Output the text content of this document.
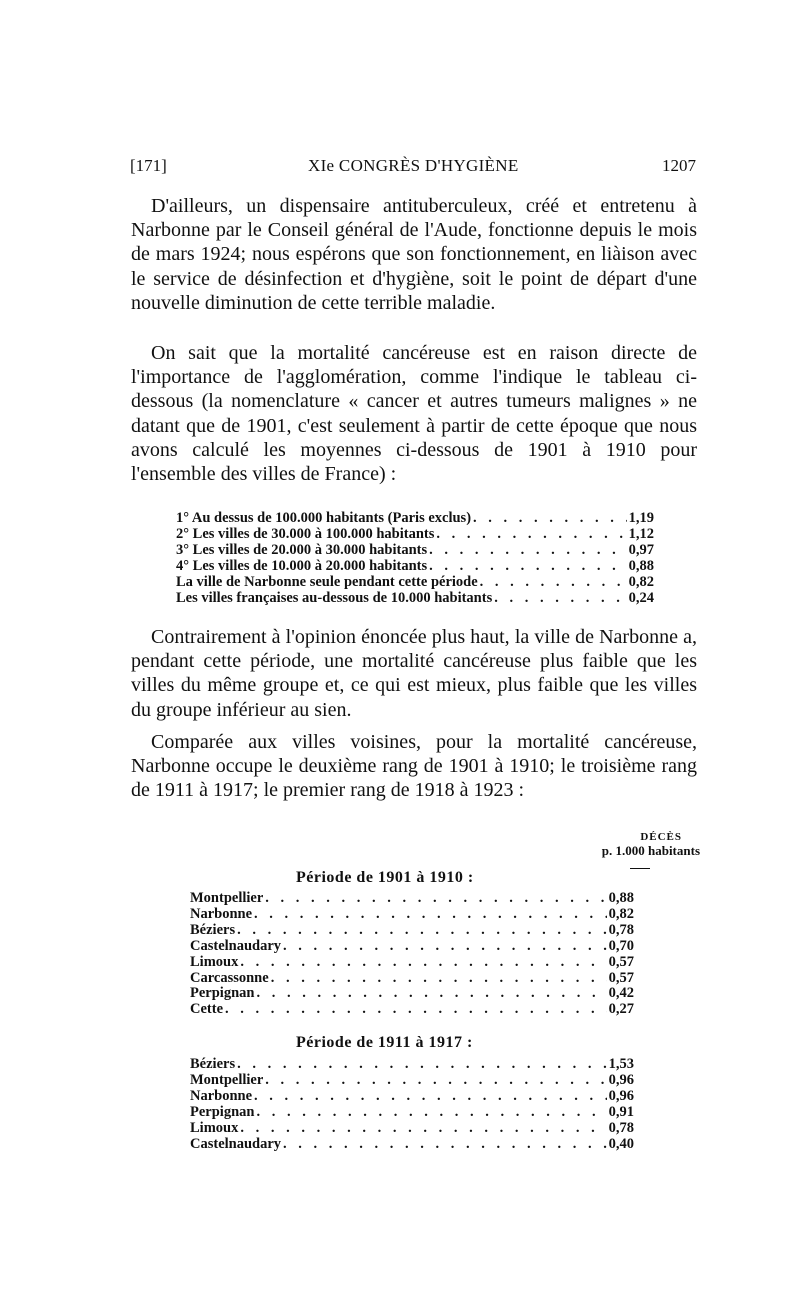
[171]	XIe CONGRÈS D'HYGIÈNE	1207

D'ailleurs, un dispensaire antituberculeux, créé et entretenu à Narbonne par le Conseil général de l'Aude, fonctionne depuis le mois de mars 1924; nous espérons que son fonctionnement, en liàison avec le service de désinfection et d'hygiène, soit le point de départ d'une nouvelle diminution de cette terrible maladie.

On sait que la mortalité cancéreuse est en raison directe de l'importance de l'agglomération, comme l'indique le tableau ci-dessous (la nomenclature « cancer et autres tumeurs malignes » ne datant que de 1901, c'est seulement à partir de cette époque que nous avons calculé les moyennes ci-dessous de 1901 à 1910 pour l'ensemble des villes de France) :

1° Au dessus de 100.000 habitants (Paris exclus) . . .	1,19
2° Les villes de 30.000 à 100.000 habitants . . .	1,12
3° Les villes de 20.000 à 30.000 habitants . . .	0,97
4° Les villes de 10.000 à 20.000 habitants . . .	0,88
La ville de Narbonne seule pendant cette période . . .	0,82
Les villes françaises au-dessous de 10.000 habitants . . .	0,24

Contrairement à l'opinion énoncée plus haut, la ville de Narbonne a, pendant cette période, une mortalité cancéreuse plus faible que les villes du même groupe et, ce qui est mieux, plus faible que les villes du groupe inférieur au sien.

Comparée aux villes voisines, pour la mortalité cancéreuse, Narbonne occupe le deuxième rang de 1901 à 1910; le troisième rang de 1911 à 1917; le premier rang de 1918 à 1923 :

DÉCÈS
p. 1.000 habitants
Période de 1901 à 1910 :
Montpellier . . .	0,88
Narbonne . . .	0,82
Béziers . . .	0,78
Castelnaudary . . .	0,70
Limoux . . .	0,57
Carcassonne . . .	0,57
Perpignan . . .	0,42
Cette . . .	0,27
Période de 1911 à 1917 :
Béziers . . .	1,53
Montpellier . . .	0,96
Narbonne . . .	0,96
Perpignan . . .	0,91
Limoux . . .	0,78
Castelnaudary . . .	0,40
